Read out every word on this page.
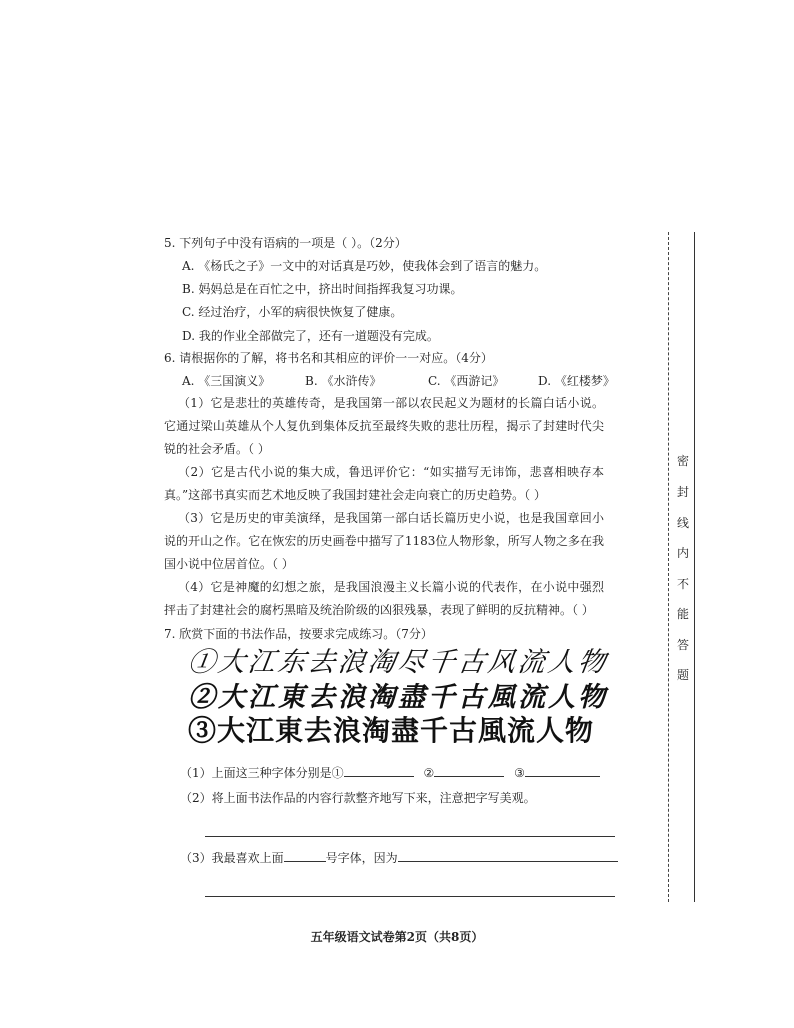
5. 下列句子中没有语病的一项是（ ）。（2分）
A. 《杨氏之子》一文中的对话真是巧妙，使我体会到了语言的魅力。
B. 妈妈总是在百忙之中，挤出时间指挥我复习功课。
C. 经过治疗，小军的病很快恢复了健康。
D. 我的作业全部做完了，还有一道题没有完成。
6. 请根据你的了解，将书名和其相应的评价一一对应。（4分）
A. 《三国演义》	B. 《水浒传》	C. 《西游记》	D. 《红楼梦》
（1）它是悲壮的英雄传奇，是我国第一部以农民起义为题材的长篇白话小说。它通过梁山英雄从个人复仇到集体反抗至最终失败的悲壮历程，揭示了封建时代尖锐的社会矛盾。（ ）
（2）它是古代小说的集大成，鲁迅评价它：“如实描写无讳饰，悲喜相映存本真。”这部书真实而艺术地反映了我国封建社会走向衰亡的历史趋势。（ ）
（3）它是历史的审美演绎，是我国第一部白话长篇历史小说，也是我国章回小说的开山之作。它在恢宏的历史画卷中描写了1183位人物形象，所写人物之多在我国小说中位居首位。（ ）
（4）它是神魔的幻想之旅，是我国浪漫主义长篇小说的代表作，在小说中强烈抨击了封建社会的腐朽黑暗及统治阶级的凶狠残暴，表现了鲜明的反抗精神。（ ）
7. 欣赏下面的书法作品，按要求完成练习。（7分）
①大江东去浪淘尽千古风流人物
②大江東去浪淘盡千古風流人物
③大江東去浪淘盡千古風流人物
（1）上面这三种字体分别是①	②	③
（2）将上面书法作品的内容行款整齐地写下来，注意把字写美观。
（3）我最喜欢上面	号字体，因为
密
封
线
内
不
能
答
题
五年级语文试卷第2页（共8页）
